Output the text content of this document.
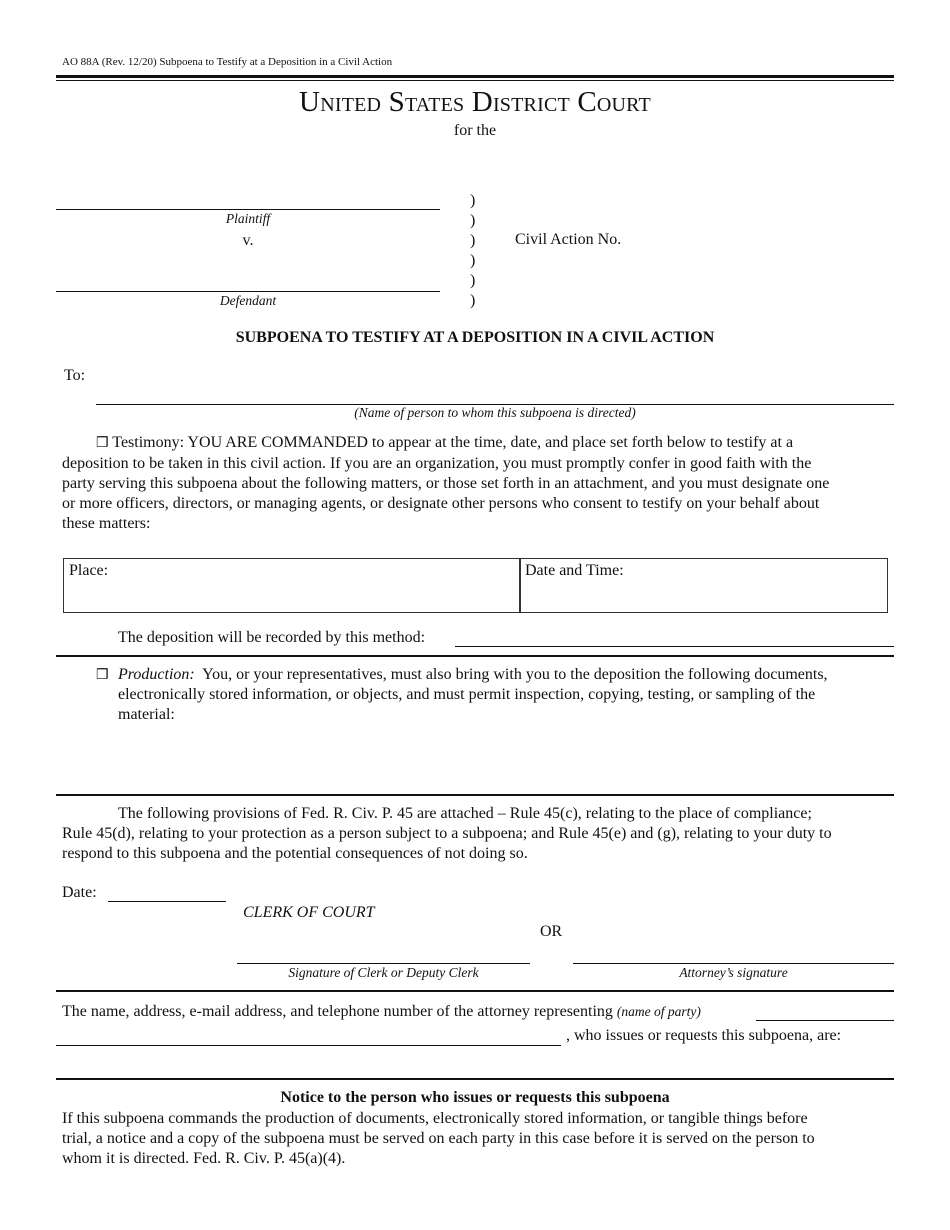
AO 88A (Rev. 12/20) Subpoena to Testify at a Deposition in a Civil Action
United States District Court
for the
Plaintiff
v.
Defendant
)
)
)
)
)
)
Civil Action No.
SUBPOENA TO TESTIFY AT A DEPOSITION IN A CIVIL ACTION
To:
(Name of person to whom this subpoena is directed)
❒ Testimony: YOU ARE COMMANDED to appear at the time, date, and place set forth below to testify at a
deposition to be taken in this civil action. If you are an organization, you must promptly confer in good faith with the
party serving this subpoena about the following matters, or those set forth in an attachment, and you must designate one
or more officers, directors, or managing agents, or designate other persons who consent to testify on your behalf about
these matters:
Place:	Date and Time:
The deposition will be recorded by this method:
❒ Production: You, or your representatives, must also bring with you to the deposition the following documents,
electronically stored information, or objects, and must permit inspection, copying, testing, or sampling of the
material:
The following provisions of Fed. R. Civ. P. 45 are attached – Rule 45(c), relating to the place of compliance;
Rule 45(d), relating to your protection as a person subject to a subpoena; and Rule 45(e) and (g), relating to your duty to
respond to this subpoena and the potential consequences of not doing so.
Date:
CLERK OF COURT
OR
Signature of Clerk or Deputy Clerk	Attorney’s signature
The name, address, e-mail address, and telephone number of the attorney representing (name of party)
, who issues or requests this subpoena, are:
Notice to the person who issues or requests this subpoena
If this subpoena commands the production of documents, electronically stored information, or tangible things before
trial, a notice and a copy of the subpoena must be served on each party in this case before it is served on the person to
whom it is directed. Fed. R. Civ. P. 45(a)(4).
